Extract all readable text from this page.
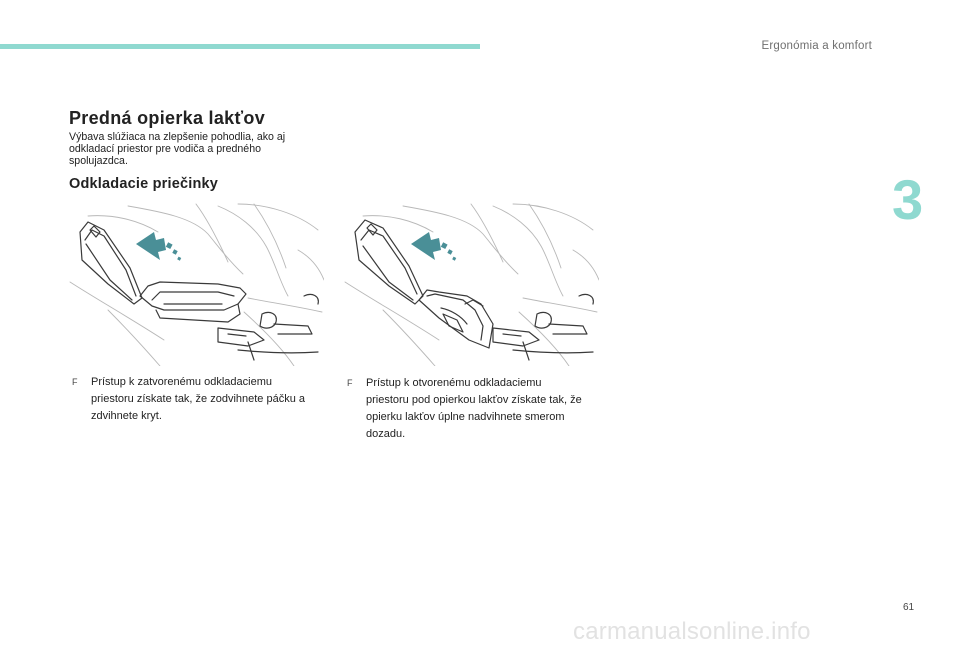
Ergonómia a komfort
3
Predná opierka lakťov

Výbava slúžiaca na zlepšenie pohodlia, ako aj odkladací priestor pre vodiča a predného spolujazdca.

Odkladacie priečinky
F Prístup k zatvorenému odkladaciemu priestoru získate tak, že zodvihnete páčku a zdvihnete kryt.
F Prístup k otvorenému odkladaciemu priestoru pod opierkou lakťov získate tak, že opierku lakťov úplne nadvihnete smerom dozadu.
61
carmanualsonline.info
